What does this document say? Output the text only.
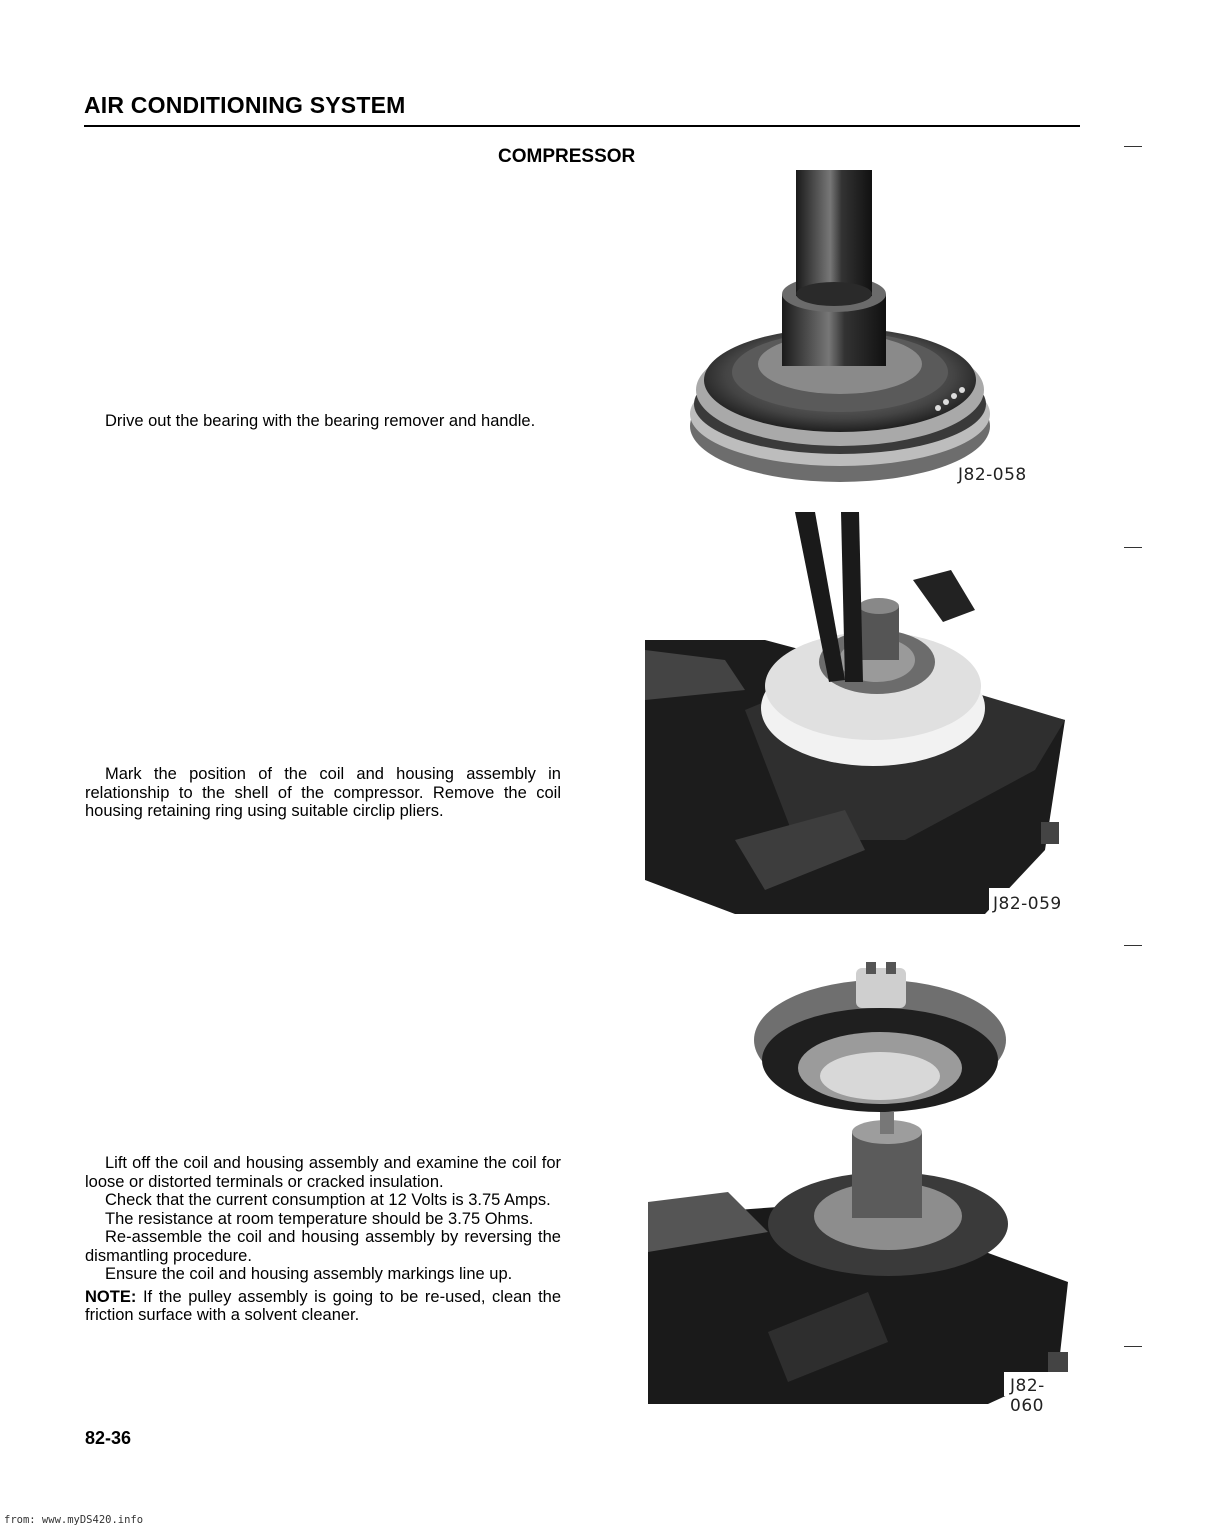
AIR CONDITIONING SYSTEM
COMPRESSOR

Drive out the bearing with the bearing remover and handle.

Mark the position of the coil and housing assembly in relationship to the shell of the compressor. Remove the coil housing retaining ring using suitable circlip pliers.

Lift off the coil and housing assembly and examine the coil for loose or distorted terminals or cracked insulation.

Check that the current consumption at 12 Volts is 3.75 Amps.

The resistance at room temperature should be 3.75 Ohms.

Re-assemble the coil and housing assembly by reversing the dismantling procedure.

Ensure the coil and housing assembly markings line up.

NOTE: If the pulley assembly is going to be re-used, clean the friction surface with a solvent cleaner.

J82-058
J82-059
J82-060
82-36
from: www.myDS420.info
